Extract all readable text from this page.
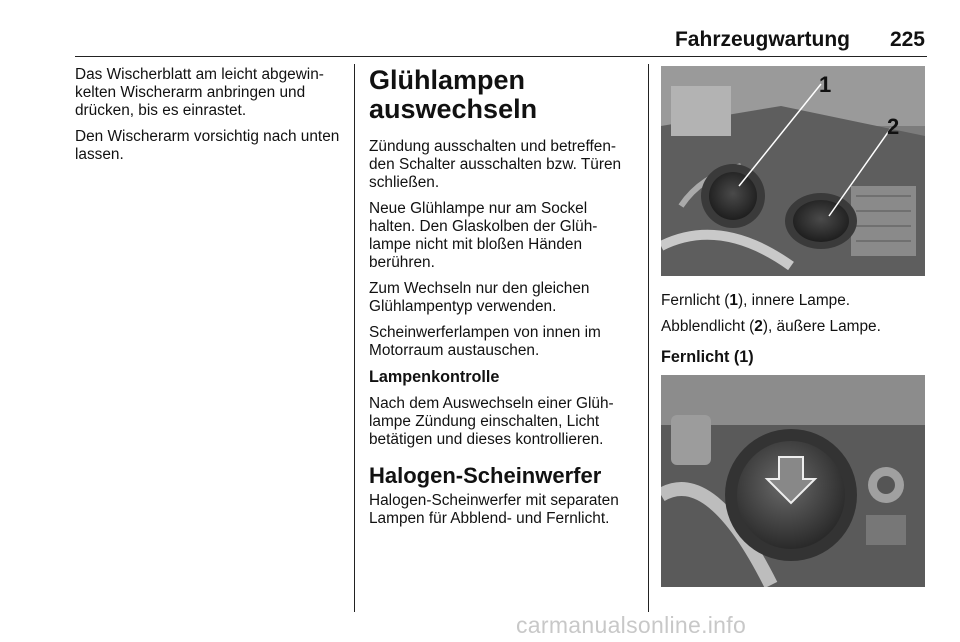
Fahrzeugwartung 225

Das Wischerblatt am leicht abgewin-kelten Wischerarm anbringen und drücken, bis es einrastet.

Den Wischerarm vorsichtig nach unten lassen.

Glühlampen auswechseln

Zündung ausschalten und betreffen-den Schalter ausschalten bzw. Türen schließen.

Neue Glühlampe nur am Sockel halten. Den Glaskolben der Glüh-lampe nicht mit bloßen Händen berühren.

Zum Wechseln nur den gleichen Glühlampentyp verwenden.

Scheinwerferlampen von innen im Motorraum austauschen.

Lampenkontrolle

Nach dem Auswechseln einer Glüh-lampe Zündung einschalten, Licht betätigen und dieses kontrollieren.

Halogen-Scheinwerfer

Halogen-Scheinwerfer mit separaten Lampen für Abblend- und Fernlicht.

1
2

Fernlicht (1), innere Lampe.

Abblendlicht (2), äußere Lampe.

Fernlicht (1)
carmanualsonline.info
